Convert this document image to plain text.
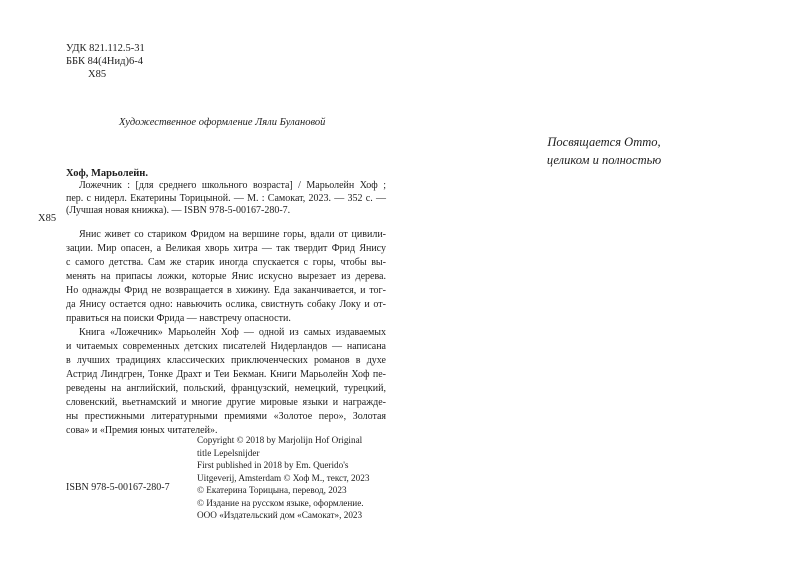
УДК 821.112.5-31
ББК 84(4Нид)6-4
Х85
Художественное оформление Ляли Булановой
Посвящается Отто,
целиком и полностью
Хоф, Марьолейн.
Ложечник : [для среднего школьного возраста] / Марьолейн Хоф ;
пер. с нидерл. Екатерины Торицыной. — М. : Самокат, 2023. — 352 с. —
(Лучшая новая книжка). — ISBN 978-5-00167-280-7.
Х85
Янис живет со стариком Фридом на вершине горы, вдали от цивили-
зации. Мир опасен, а Великая хворь хитра — так твердит Фрид Янису
с самого детства. Сам же старик иногда спускается с горы, чтобы вы-
менять на припасы ложки, которые Янис искусно вырезает из дерева.
Но однажды Фрид не возвращается в хижину. Еда заканчивается, и тог-
да Янису остается одно: навьючить ослика, свистнуть собаку Локу и от-
правиться на поиски Фрида — навстречу опасности.
Книга «Ложечник» Марьолейн Хоф — одной из самых издаваемых
и читаемых современных детских писателей Нидерландов — написана
в лучших традициях классических приключенческих романов в духе
Астрид Линдгрен, Тонке Драхт и Теи Бекман. Книги Марьолейн Хоф пе-
реведены на английский, польский, французский, немецкий, турецкий,
словенский, вьетнамский и многие другие мировые языки и награжде-
ны престижными литературными премиями «Золотое перо», Золотая
сова» и «Премия юных читателей».
ISBN 978-5-00167-280-7
Copyright © 2018 by Marjolijn Hof Original
title Lepelsnijder
First published in 2018 by Em. Querido's
Uitgeverij, Amsterdam © Хоф М., текст, 2023
© Екатерина Торицына, перевод, 2023
© Издание на русском языке, оформление.
ООО «Издательский дом «Самокат», 2023
